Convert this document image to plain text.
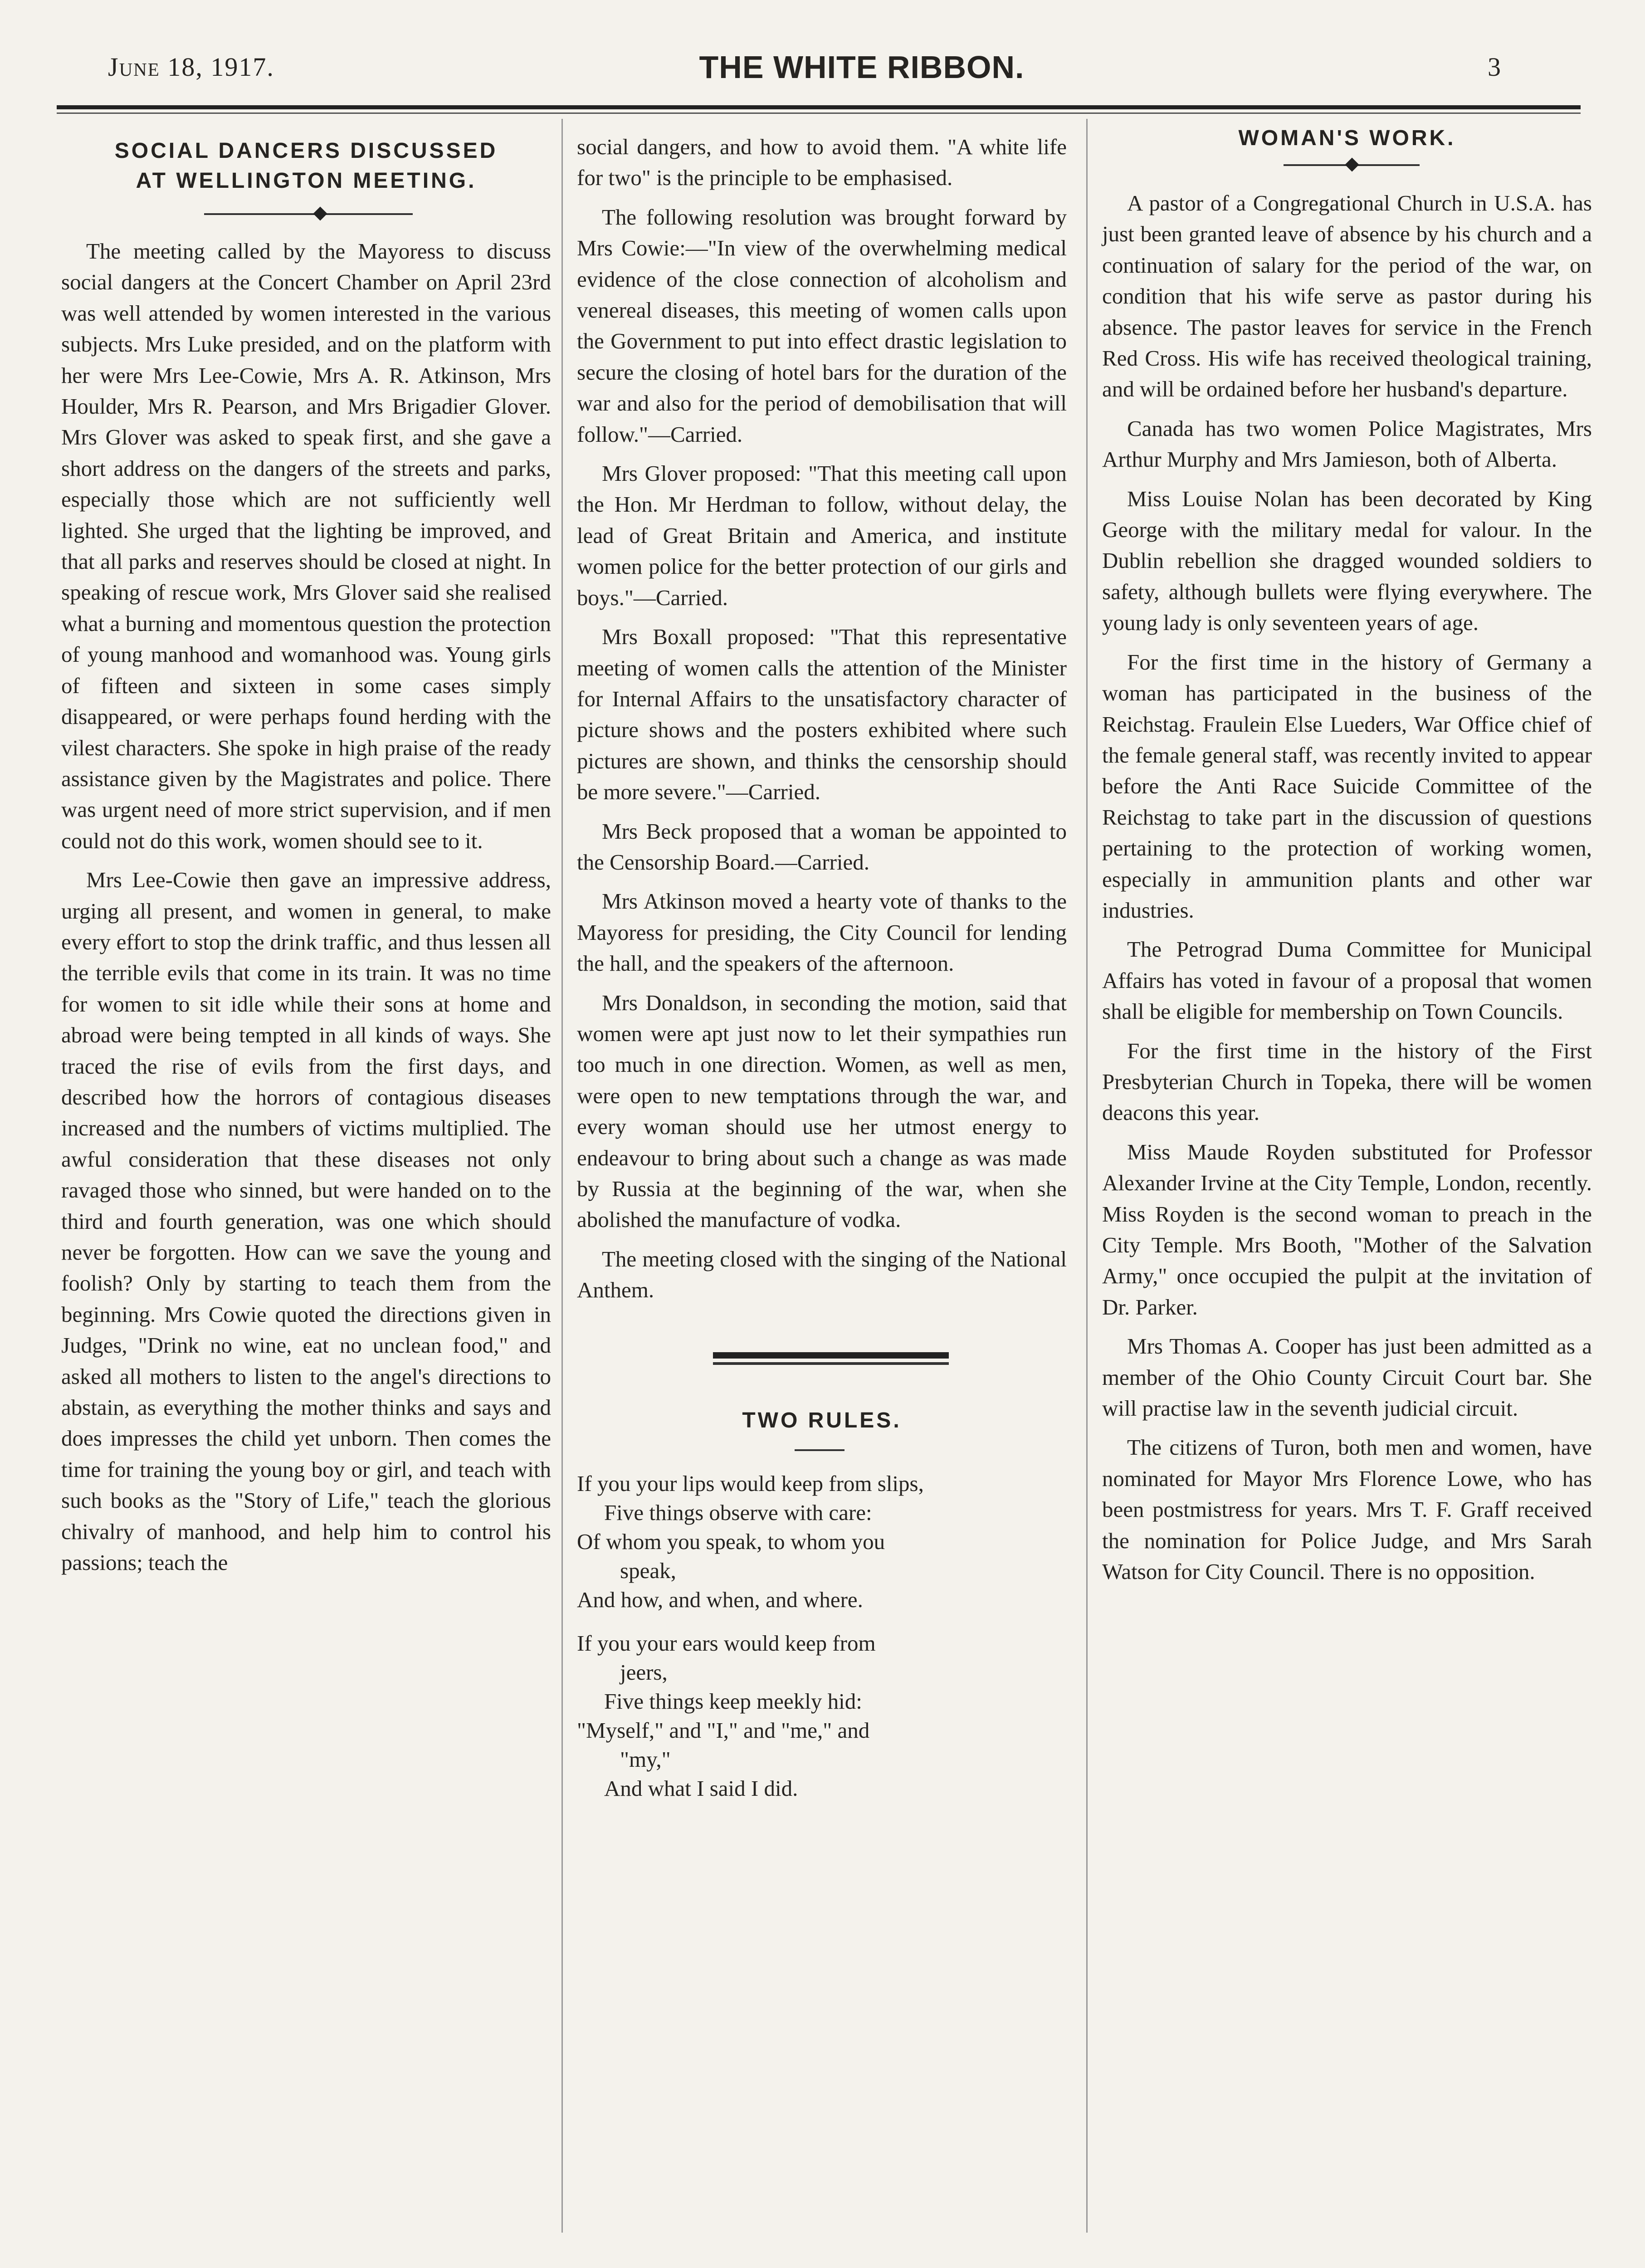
June 18, 1917.	THE WHITE RIBBON.	3
SOCIAL DANCERS DISCUSSED
AT WELLINGTON MEETING.

The meeting called by the Mayoress to discuss social dangers at the Concert Chamber on April 23rd was well attended by women interested in the various subjects. Mrs Luke presided, and on the platform with her were Mrs Lee-Cowie, Mrs A. R. Atkinson, Mrs Houlder, Mrs R. Pearson, and Mrs Brigadier Glover. Mrs Glover was asked to speak first, and she gave a short address on the dangers of the streets and parks, especially those which are not sufficiently well lighted. She urged that the lighting be improved, and that all parks and reserves should be closed at night. In speaking of rescue work, Mrs Glover said she realised what a burning and momentous question the protection of young manhood and womanhood was. Young girls of fifteen and sixteen in some cases simply disappeared, or were perhaps found herding with the vilest characters. She spoke in high praise of the ready assistance given by the Magistrates and police. There was urgent need of more strict supervision, and if men could not do this work, women should see to it.

Mrs Lee-Cowie then gave an impressive address, urging all present, and women in general, to make every effort to stop the drink traffic, and thus lessen all the terrible evils that come in its train. It was no time for women to sit idle while their sons at home and abroad were being tempted in all kinds of ways. She traced the rise of evils from the first days, and described how the horrors of contagious diseases increased and the numbers of victims multiplied. The awful consideration that these diseases not only ravaged those who sinned, but were handed on to the third and fourth generation, was one which should never be forgotten. How can we save the young and foolish? Only by starting to teach them from the beginning. Mrs Cowie quoted the directions given in Judges, "Drink no wine, eat no unclean food," and asked all mothers to listen to the angel's directions to abstain, as everything the mother thinks and says and does impresses the child yet unborn. Then comes the time for training the young boy or girl, and teach with such books as the "Story of Life," teach the glorious chivalry of manhood, and help him to control his passions; teach the

social dangers, and how to avoid them. "A white life for two" is the principle to be emphasised.

The following resolution was brought forward by Mrs Cowie:—"In view of the overwhelming medical evidence of the close connection of alcoholism and venereal diseases, this meeting of women calls upon the Government to put into effect drastic legislation to secure the closing of hotel bars for the duration of the war and also for the period of demobilisation that will follow."—Carried.

Mrs Glover proposed: "That this meeting call upon the Hon. Mr Herdman to follow, without delay, the lead of Great Britain and America, and institute women police for the better protection of our girls and boys."—Carried.

Mrs Boxall proposed: "That this representative meeting of women calls the attention of the Minister for Internal Affairs to the unsatisfactory character of picture shows and the posters exhibited where such pictures are shown, and thinks the censorship should be more severe."—Carried.

Mrs Beck proposed that a woman be appointed to the Censorship Board.—Carried.

Mrs Atkinson moved a hearty vote of thanks to the Mayoress for presiding, the City Council for lending the hall, and the speakers of the afternoon.

Mrs Donaldson, in seconding the motion, said that women were apt just now to let their sympathies run too much in one direction. Women, as well as men, were open to new temptations through the war, and every woman should use her utmost energy to endeavour to bring about such a change as was made by Russia at the beginning of the war, when she abolished the manufacture of vodka.

The meeting closed with the singing of the National Anthem.

TWO RULES.
If you your lips would keep from slips,
Five things observe with care:
Of whom you speak, to whom you
speak,
And how, and when, and where.
If you your ears would keep from
jeers,
Five things keep meekly hid:
"Myself," and "I," and "me," and
"my,"
And what I said I did.
WOMAN'S WORK.

A pastor of a Congregational Church in U.S.A. has just been granted leave of absence by his church and a continuation of salary for the period of the war, on condition that his wife serve as pastor during his absence. The pastor leaves for service in the French Red Cross. His wife has received theological training, and will be ordained before her husband's departure.

Canada has two women Police Magistrates, Mrs Arthur Murphy and Mrs Jamieson, both of Alberta.

Miss Louise Nolan has been decorated by King George with the military medal for valour. In the Dublin rebellion she dragged wounded soldiers to safety, although bullets were flying everywhere. The young lady is only seventeen years of age.

For the first time in the history of Germany a woman has participated in the business of the Reichstag. Fraulein Else Lueders, War Office chief of the female general staff, was recently invited to appear before the Anti Race Suicide Committee of the Reichstag to take part in the discussion of questions pertaining to the protection of working women, especially in ammunition plants and other war industries.

The Petrograd Duma Committee for Municipal Affairs has voted in favour of a proposal that women shall be eligible for membership on Town Councils.

For the first time in the history of the First Presbyterian Church in Topeka, there will be women deacons this year.

Miss Maude Royden substituted for Professor Alexander Irvine at the City Temple, London, recently. Miss Royden is the second woman to preach in the City Temple. Mrs Booth, "Mother of the Salvation Army," once occupied the pulpit at the invitation of Dr. Parker.

Mrs Thomas A. Cooper has just been admitted as a member of the Ohio County Circuit Court bar. She will practise law in the seventh judicial circuit.

The citizens of Turon, both men and women, have nominated for Mayor Mrs Florence Lowe, who has been postmistress for years. Mrs T. F. Graff received the nomination for Police Judge, and Mrs Sarah Watson for City Council. There is no opposition.
